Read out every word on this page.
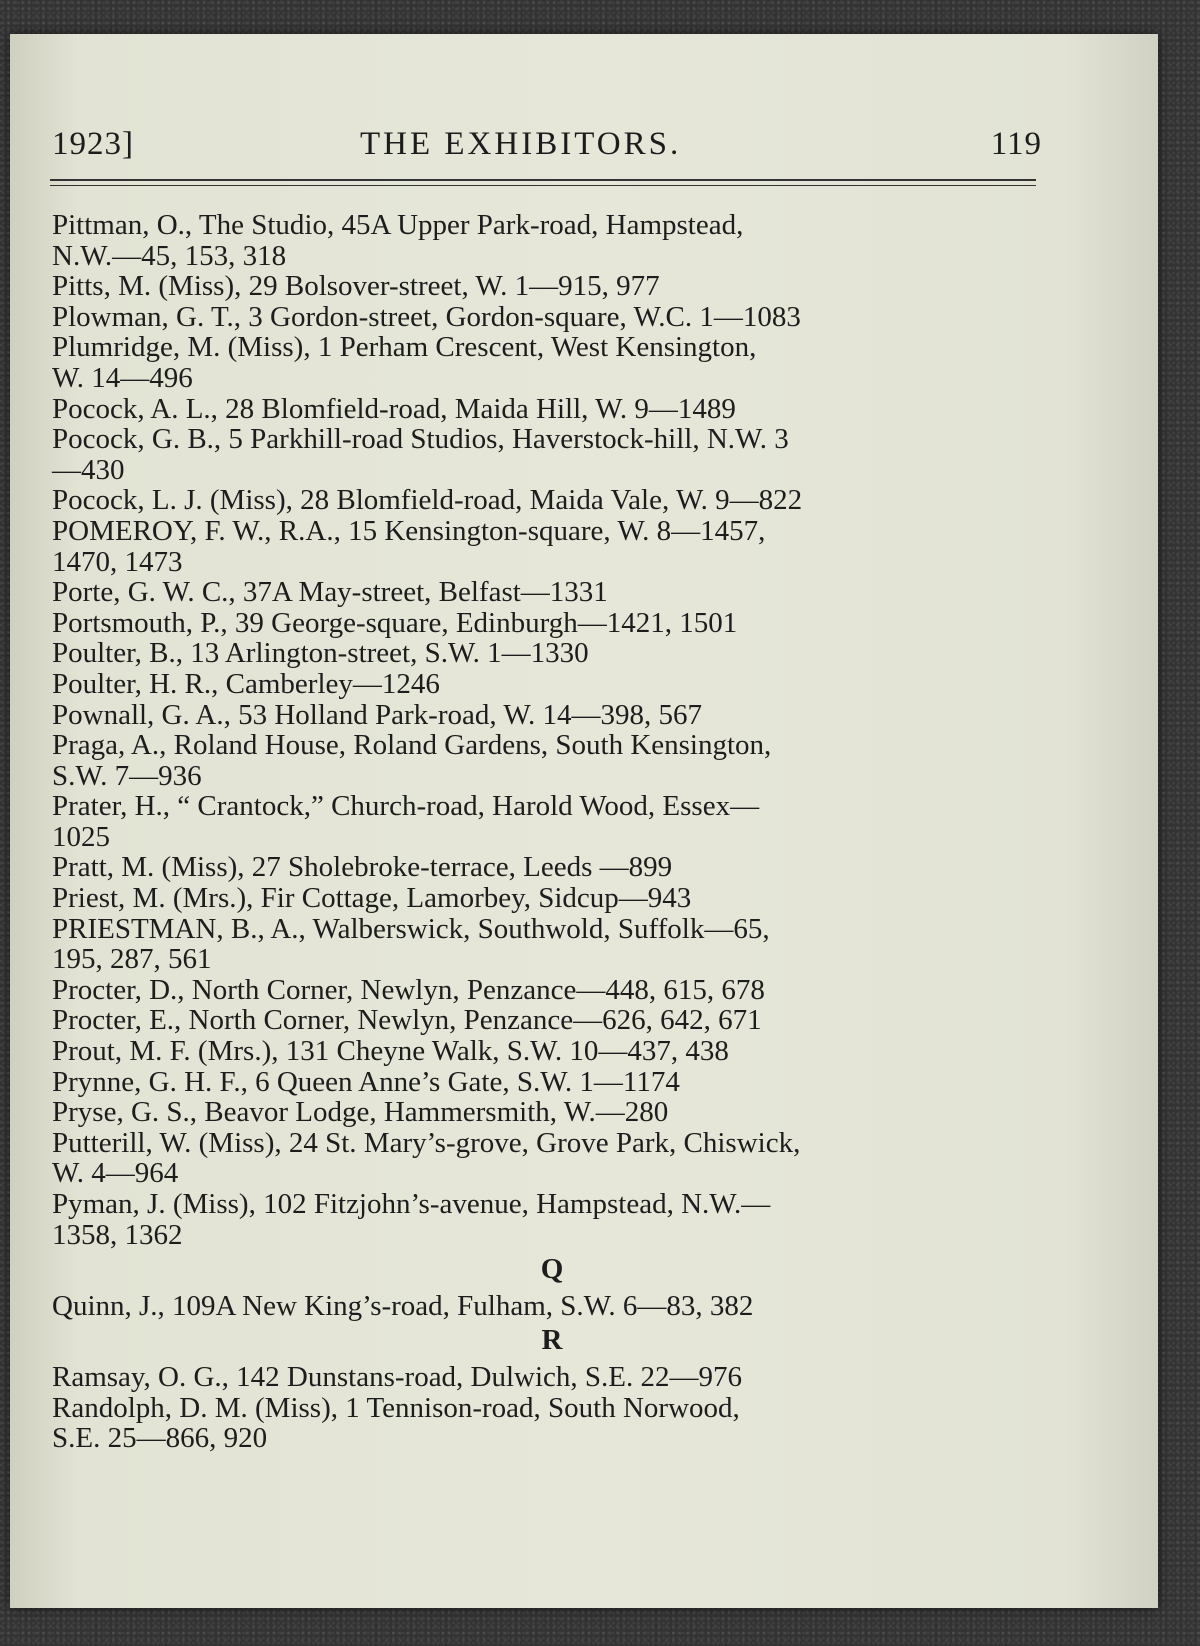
1923]	THE EXHIBITORS.	119
Pittman, O., The Studio, 45A Upper Park-road, Hampstead,
N.W.—45, 153, 318
Pitts, M. (Miss), 29 Bolsover-street, W. 1—915, 977
Plowman, G. T., 3 Gordon-street, Gordon-square, W.C. 1—1083
Plumridge, M. (Miss), 1 Perham Crescent, West Kensington,
W. 14—496
Pocock, A. L., 28 Blomfield-road, Maida Hill, W. 9—1489
Pocock, G. B., 5 Parkhill-road Studios, Haverstock-hill, N.W. 3
—430
Pocock, L. J. (Miss), 28 Blomfield-road, Maida Vale, W. 9—822
POMEROY, F. W., R.A., 15 Kensington-square, W. 8—1457,
1470, 1473
Porte, G. W. C., 37A May-street, Belfast—1331
Portsmouth, P., 39 George-square, Edinburgh—1421, 1501
Poulter, B., 13 Arlington-street, S.W. 1—1330
Poulter, H. R., Camberley—1246
Pownall, G. A., 53 Holland Park-road, W. 14—398, 567
Praga, A., Roland House, Roland Gardens, South Kensington,
S.W. 7—936
Prater, H., “ Crantock,” Church-road, Harold Wood, Essex—
1025
Pratt, M. (Miss), 27 Sholebroke-terrace, Leeds —899
Priest, M. (Mrs.), Fir Cottage, Lamorbey, Sidcup—943
PRIESTMAN, B., A., Walberswick, Southwold, Suffolk—65,
195, 287, 561
Procter, D., North Corner, Newlyn, Penzance—448, 615, 678
Procter, E., North Corner, Newlyn, Penzance—626, 642, 671
Prout, M. F. (Mrs.), 131 Cheyne Walk, S.W. 10—437, 438
Prynne, G. H. F., 6 Queen Anne’s Gate, S.W. 1—1174
Pryse, G. S., Beavor Lodge, Hammersmith, W.—280
Putterill, W. (Miss), 24 St. Mary’s-grove, Grove Park, Chiswick,
W. 4—964
Pyman, J. (Miss), 102 Fitzjohn’s-avenue, Hampstead, N.W.—
1358, 1362
Q
Quinn, J., 109A New King’s-road, Fulham, S.W. 6—83, 382
R
Ramsay, O. G., 142 Dunstans-road, Dulwich, S.E. 22—976
Randolph, D. M. (Miss), 1 Tennison-road, South Norwood,
S.E. 25—866, 920
